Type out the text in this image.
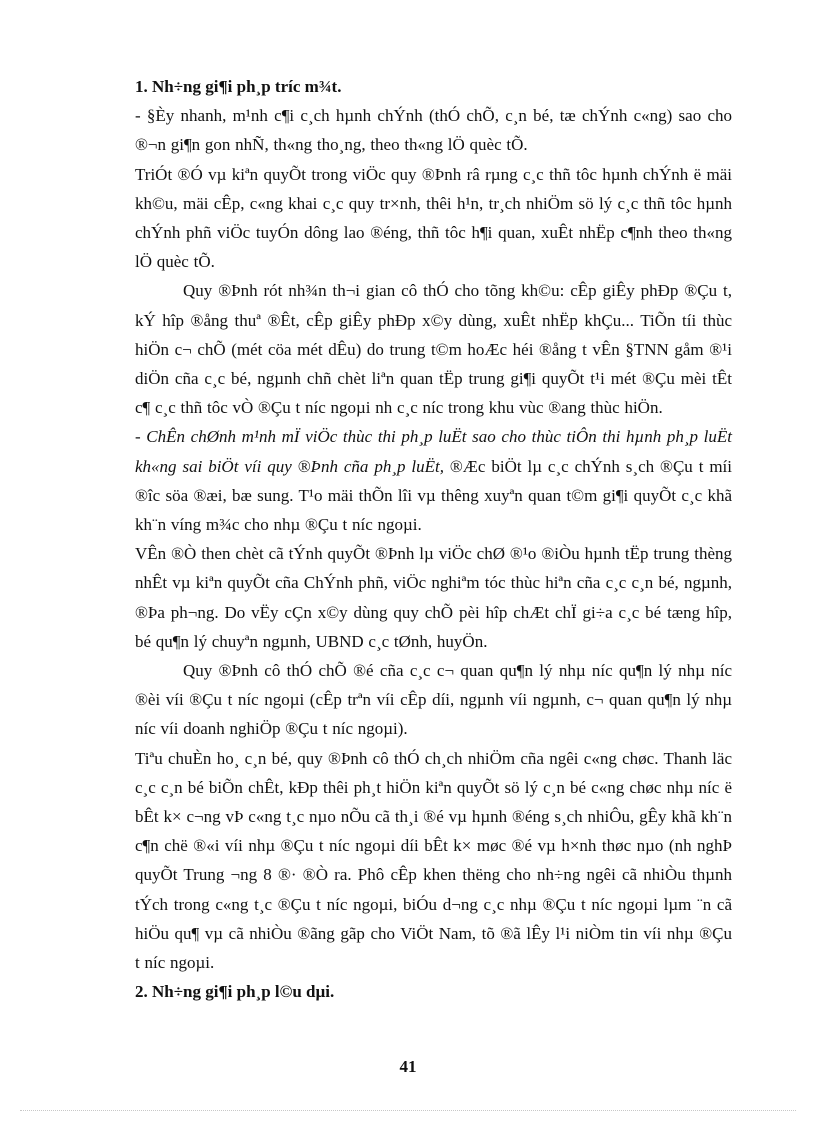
1. Nh÷ng gi¶i ph¸p tríc m¾t.

- §Èy nhanh, m¹nh c¶i c¸ch hµnh chÝnh (thÓ chÕ, c¸n bé, tæ chÝnh c«ng) sao cho ®¬n gi¶n gon nhÑ, th«ng tho¸ng, theo th«ng lÖ quèc tÕ.

TriÓt ®Ó vµ kiªn quyÕt trong viÖc quy ®Þnh râ rµng c¸c thñ tôc hµnh chÝnh ë mäi kh©u, mäi cÊp, c«ng khai c¸c quy tr×nh, thêi h¹n, tr¸ch nhiÖm sö lý c¸c thñ tôc hµnh chÝnh phñ viÖc tuyÓn dông lao ®éng, thñ tôc h¶i quan, xuÊt nhËp c¶nh theo th«ng lÖ quèc tÕ.

Quy ®Þnh rót nh¾n th¬i gian cô thÓ cho tõng kh©u: cÊp giÊy phÐp ®Çu t, kÝ hîp ®ång thuª ®Êt, cÊp giÊy phÐp x©y dùng, xuÊt nhËp khÇu... TiÕn tíi thùc hiÖn c¬ chÕ (mét cöa mét dÊu) do trung t©m hoÆc héi ®ång t vÊn §TNN gåm ®¹i diÖn cña c¸c bé, ngµnh chñ chèt liªn quan tËp trung gi¶i quyÕt t¹i mét ®Çu mèi tÊt c¶ c¸c thñ tôc vÒ ®Çu t níc ngoµi nh c¸c níc trong khu vùc ®ang thùc hiÖn.

- ChÊn chØnh m¹nh mÏ viÖc thùc thi ph¸p luËt sao cho thùc tiÔn thi hµnh ph¸p luËt kh«ng sai biÖt víi quy ®Þnh cña ph¸p luËt, ®Æc biÖt lµ c¸c chÝnh s¸ch ®Çu t míi ®îc söa ®æi, bæ sung. T¹o mäi thÕn lîi vµ thêng xuyªn quan t©m gi¶i quyÕt c¸c khã kh¨n víng m¾c cho nhµ ®Çu t níc ngoµi.

VÊn ®Ò then chèt cã tÝnh quyÕt ®Þnh lµ viÖc chØ ®¹o ®iÒu hµnh tËp trung thèng nhÊt vµ kiªn quyÕt cña ChÝnh phñ, viÖc nghiªm tóc thùc hiªn cña c¸c c¸n bé, ngµnh, ®Þa ph¬ng. Do vËy cÇn x©y dùng quy chÕ pèi hîp chÆt chÏ gi÷a c¸c bé tæng hîp, bé qu¶n lý chuyªn ngµnh, UBND c¸c tØnh, huyÖn.

Quy ®Þnh cô thÓ chÕ ®é cña c¸c c¬ quan qu¶n lý nhµ níc qu¶n lý nhµ níc ®èi víi ®Çu t níc ngoµi (cÊp trªn víi cÊp díi, ngµnh víi ngµnh, c¬ quan qu¶n lý nhµ níc víi doanh nghiÖp ®Çu t níc ngoµi).

Tiªu chuÈn ho¸ c¸n bé, quy ®Þnh cô thÓ ch¸ch nhiÖm cña ngêi c«ng chøc. Thanh läc c¸c c¸n bé biÕn chÊt, kÐp thêi ph¸t hiÖn kiªn quyÕt sö lý c¸n bé c«ng chøc nhµ níc ë bÊt k× c¬ng vÞ c«ng t¸c nµo nÕu cã th¸i ®é vµ hµnh ®éng s¸ch nhiÔu, gÊy khã kh¨n c¶n chë ®«i víi nhµ ®Çu t níc ngoµi díi bÊt k× møc ®é vµ h×nh thøc nµo (nh nghÞ quyÕt Trung ¬ng 8 ®· ®Ò ra. Phô cÊp khen thëng cho nh÷ng ngêi cã nhiÒu thµnh tÝch trong c«ng t¸c ®Çu t níc ngoµi, biÓu d¬ng c¸c nhµ ®Çu t níc ngoµi lµm ¨n cã hiÖu qu¶ vµ cã nhiÒu ®ãng gãp cho ViÖt Nam, tõ ®ã lÊy l¹i niÒm tin víi nhµ ®Çu t níc ngoµi.

2. Nh÷ng gi¶i ph¸p l©u dµi.

41
